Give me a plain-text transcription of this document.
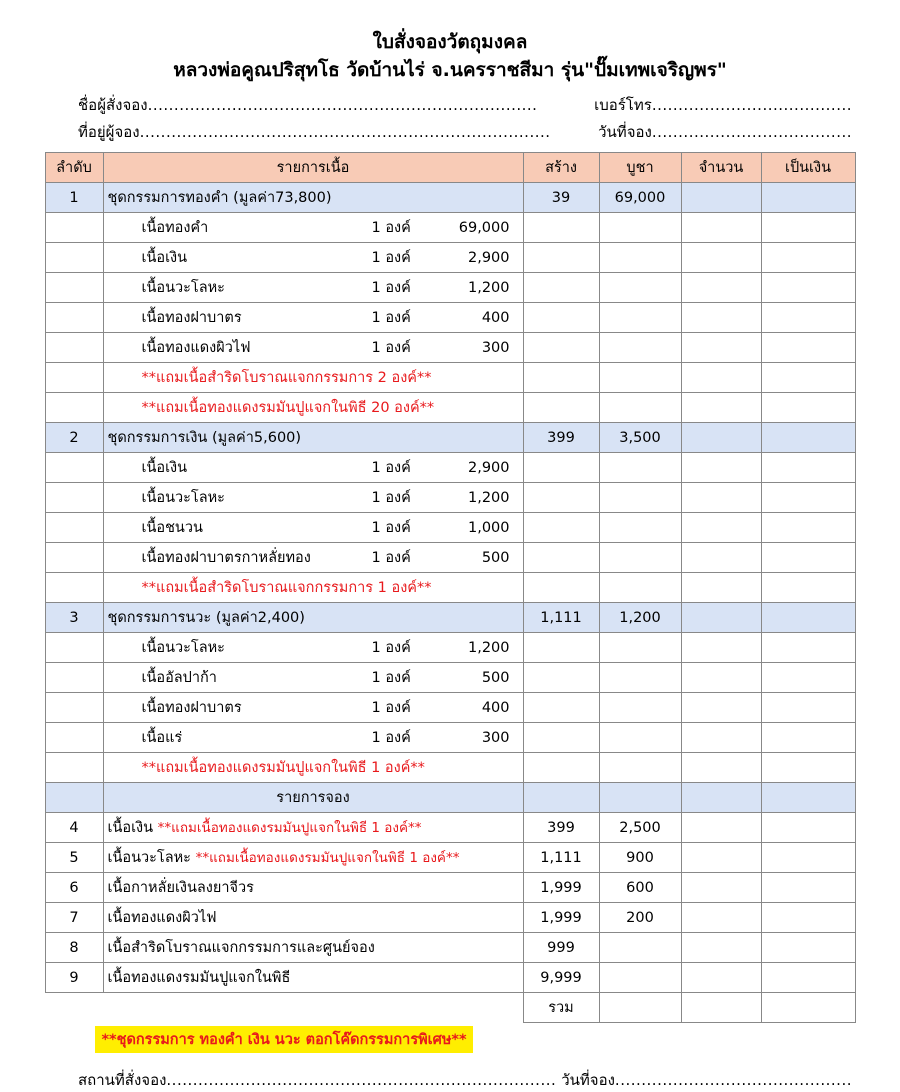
ใบสั่งจองวัตถุมงคล
หลวงพ่อคูณปริสุทโธ วัดบ้านไร่ จ.นครราชสีมา รุ่น"ปั๊มเทพเจริญพร"
ชื่อผู้สั่งจอง ..........................................................................	เบอร์โทร ......................................
ที่อยู่ผู้จอง ..............................................................................	วันที่จอง ......................................
ลำดับ	รายการเนื้อ	สร้าง	บูชา	จำนวน	เป็นเงิน
1	ชุดกรรมการทองคำ (มูลค่า73,800)	39	69,000		

	เนื้อทองคำ 1 องค์ 69,000				

	เนื้อเงิน 1 องค์ 2,900				

	เนื้อนวะโลหะ 1 องค์ 1,200				

	เนื้อทองฝาบาตร 1 องค์ 400				

	เนื้อทองแดงผิวไฟ 1 องค์ 300				

	**แถมเนื้อสำริดโบราณแจกกรรมการ 2 องค์**				
	**แถมเนื้อทองแดงรมมันปูแจกในพิธี 20 องค์**				
2	ชุดกรรมการเงิน (มูลค่า5,600)	399	3,500		

	เนื้อเงิน 1 องค์ 2,900				

	เนื้อนวะโลหะ 1 องค์ 1,200				

	เนื้อชนวน 1 องค์ 1,000				

	เนื้อทองฝาบาตรกาหลั่ยทอง 1 องค์ 500				

	**แถมเนื้อสำริดโบราณแจกกรรมการ 1 องค์**				
3	ชุดกรรมการนวะ (มูลค่า2,400)	1,111	1,200		

	เนื้อนวะโลหะ 1 องค์ 1,200				

	เนื้ออัลปาก้า 1 องค์ 500				

	เนื้อทองฝาบาตร 1 องค์ 400				

	เนื้อแร่ 1 องค์ 300				

	**แถมเนื้อทองแดงรมมันปูแจกในพิธี 1 องค์**				
	รายการจอง				
4	เนื้อเงิน **แถมเนื้อทองแดงรมมันปูแจกในพิธี 1 องค์**	399	2,500		
5	เนื้อนวะโลหะ **แถมเนื้อทองแดงรมมันปูแจกในพิธี 1 องค์**	1,111	900		
6	เนื้อกาหลั่ยเงินลงยาจีวร	1,999	600		
7	เนื้อทองแดงผิวไฟ	1,999	200		
8	เนื้อสำริดโบราณแจกกรรมการและศูนย์จอง	999			
9	เนื้อทองแดงรมมันปูแจกในพิธี	9,999			
		รวม			
**ชุดกรรมการ ทองคำ เงิน นวะ ตอกโค๊ดกรรมการพิเศษ**					
สถานที่สั่งจอง .......................................................................... วันที่จอง .............................................
